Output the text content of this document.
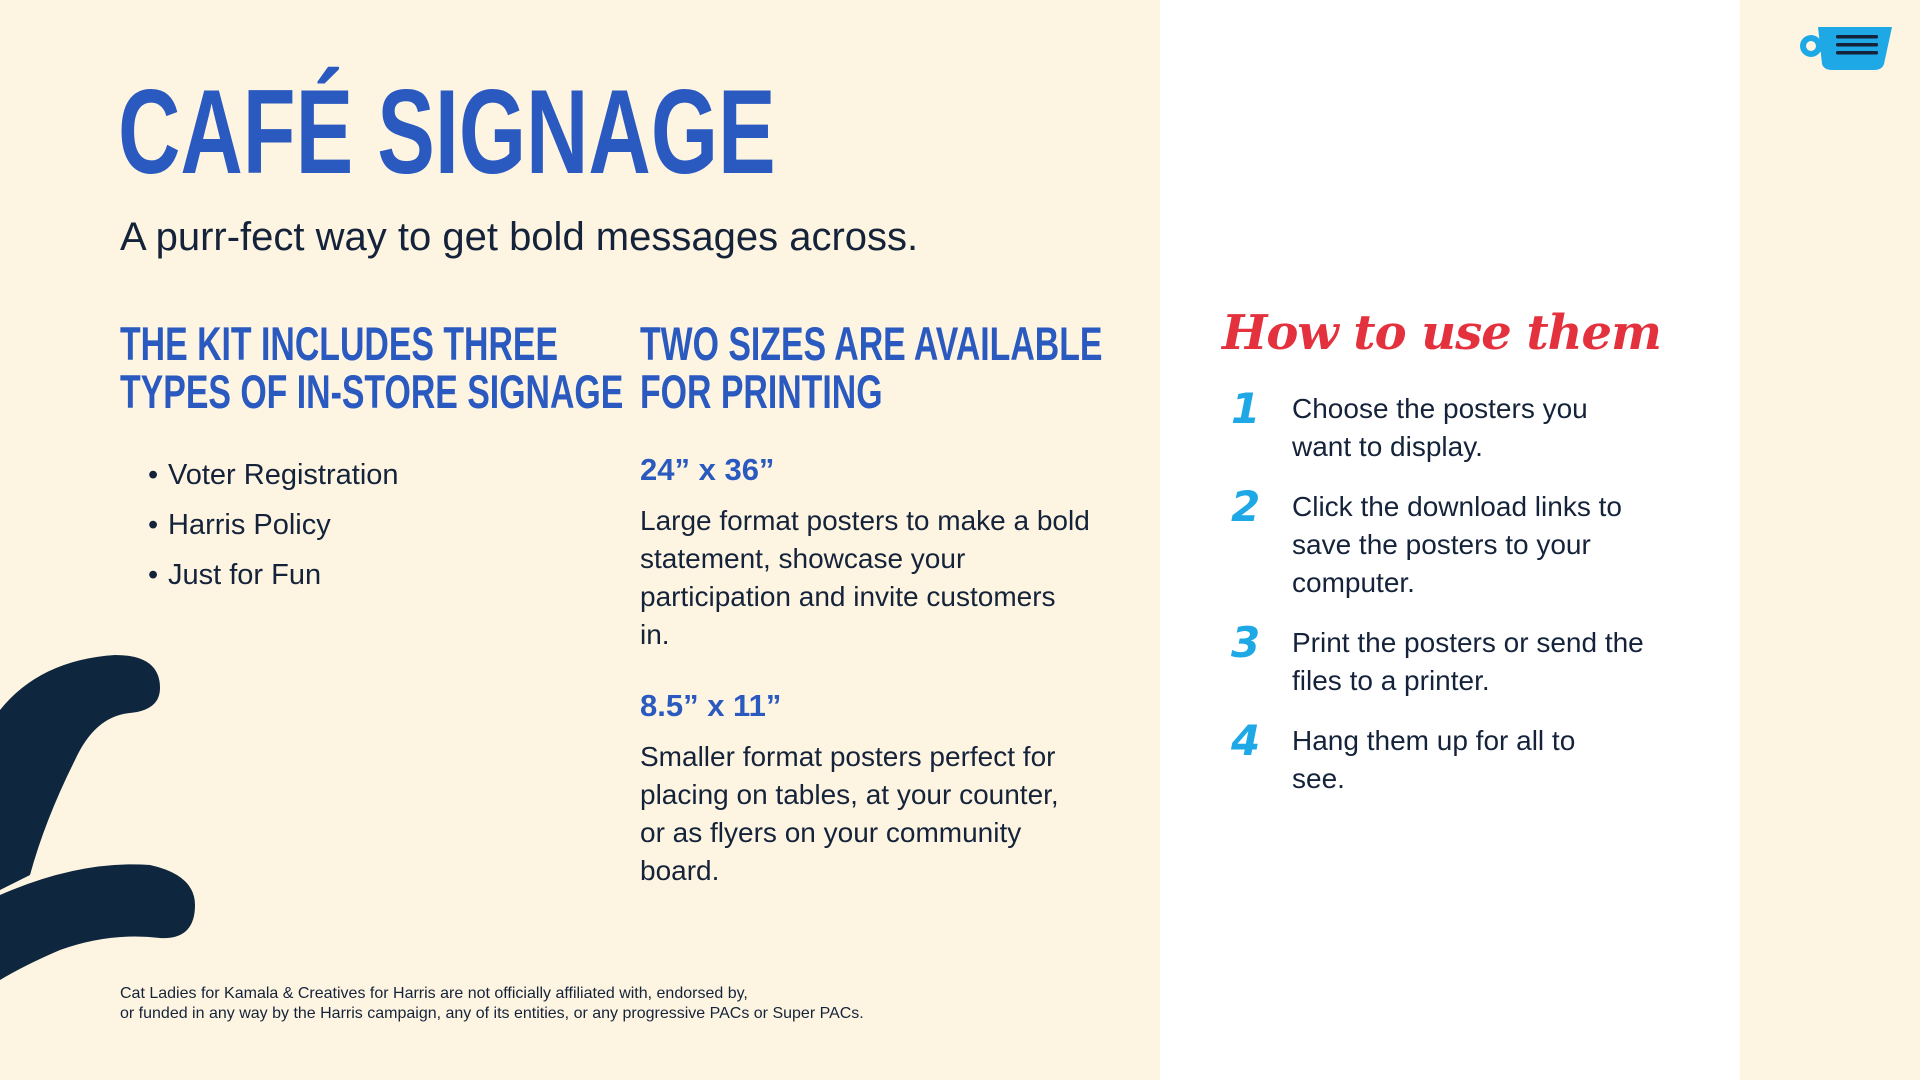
CAFÉ SIGNAGE

A purr-fect way to get bold messages across.

THE KIT INCLUDES THREE
TYPES OF IN-STORE SIGNAGE
• Voter Registration
• Harris Policy
• Just for Fun
TWO SIZES ARE AVAILABLE
FOR PRINTING

24” x 36”

Large format posters to make a bold statement, showcase your participation and invite customers in.

8.5” x 11”

Smaller format posters perfect for placing on tables, at your counter, or as flyers on your community board.

How to use them
1 Choose the posters you want to display.
2 Click the download links to save the posters to your computer.
3 Print the posters or send the files to a printer.
4 Hang them up for all to see.
Cat Ladies for Kamala & Creatives for Harris are not officially affiliated with, endorsed by,
or funded in any way by the Harris campaign, any of its entities, or any progressive PACs or Super PACs.
